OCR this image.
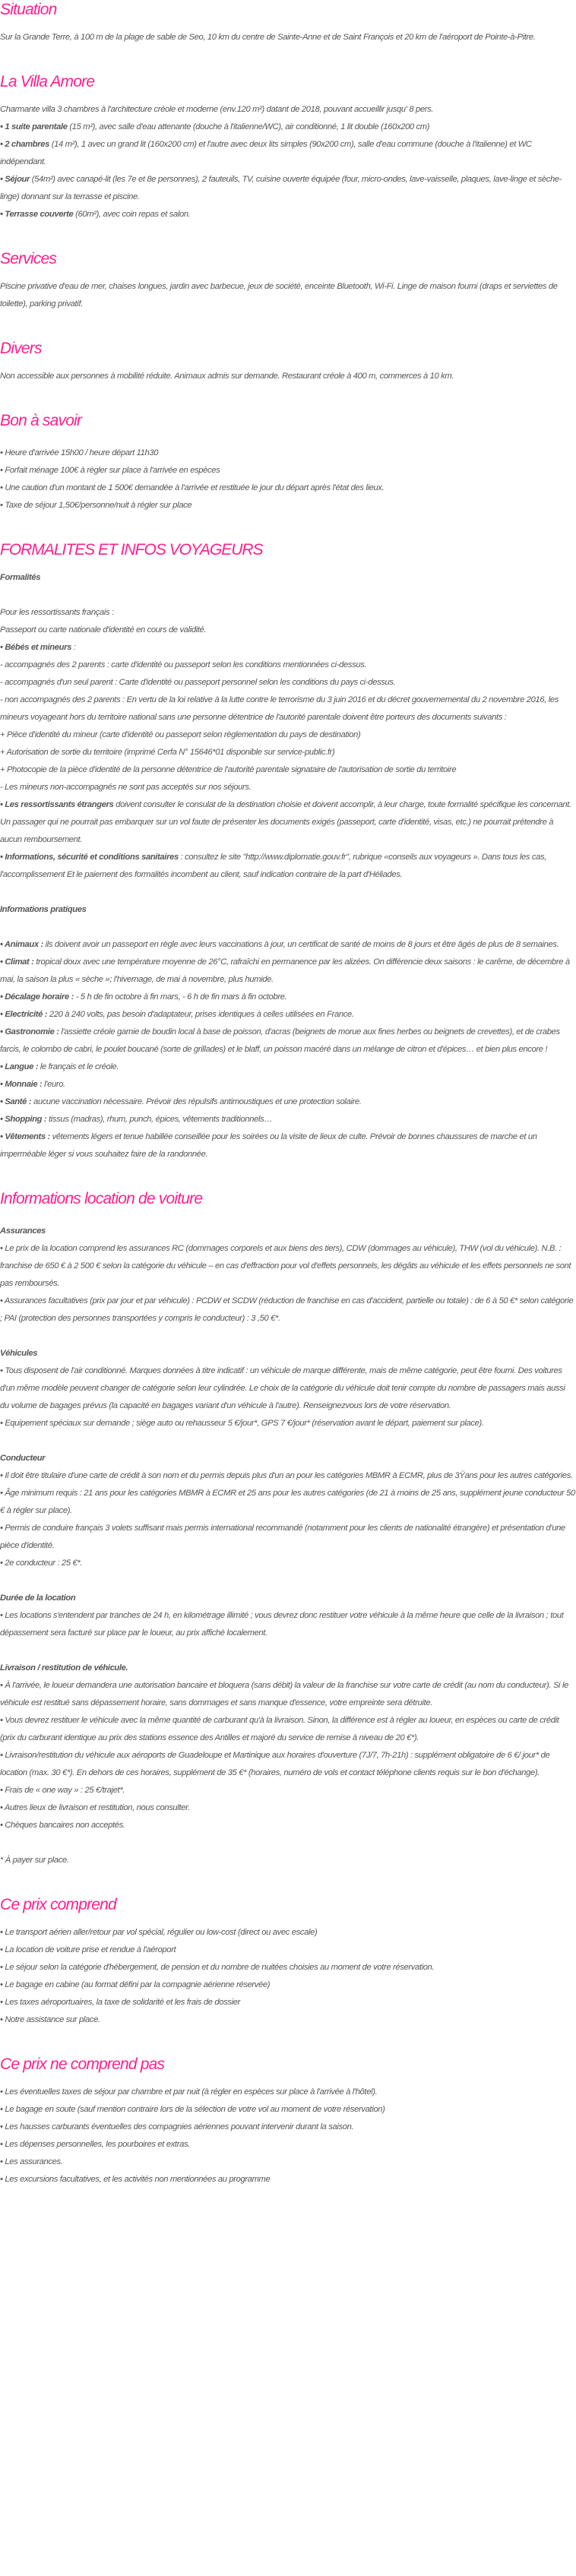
Situation

Sur la Grande Terre, à 100 m de la plage de sable de Seo, 10 km du centre de Sainte-Anne et de Saint François et 20 km de l'aéroport de Pointe-à-Pitre.

La Villa Amore

Charmante villa 3 chambres à l'architecture créole et moderne (env.120 m²) datant de 2018, pouvant accueillir jusqu' 8 pers.

• 1 suite parentale (15 m²), avec salle d'eau attenante (douche à l'italienne/WC), air conditionné, 1 lit double (160x200 cm)

• 2 chambres (14 m²), 1 avec un grand lit (160x200 cm) et l'autre avec deux lits simples (90x200 cm), salle d'eau commune (douche à l'italienne) et WC indépendant.

• Séjour (54m²) avec canapé-lit (les 7e et 8e personnes), 2 fauteuils, TV, cuisine ouverte équipée (four, micro-ondes, lave-vaisselle, plaques, lave-linge et sèche-linge) donnant sur la terrasse et piscine.

• Terrasse couverte (60m²), avec coin repas et salon.

Services

Piscine privative d'eau de mer, chaises longues, jardin avec barbecue, jeux de société, enceinte Bluetooth, Wi-Fi. Linge de maison fourni (draps et serviettes de toilette), parking privatif.

Divers

Non accessible aux personnes à mobilité réduite. Animaux admis sur demande. Restaurant créole à 400 m, commerces à 10 km.

Bon à savoir

• Heure d'arrivée 15h00 / heure départ 11h30

• Forfait ménage 100€ à régler sur place à l'arrivée en espèces

• Une caution d'un montant de 1 500€ demandée à l'arrivée et restituée le jour du départ après l'état des lieux.

• Taxe de séjour 1,50€/personne/nuit à régler sur place

FORMALITES ET INFOS VOYAGEURS

Formalités

Pour les ressortissants français :

Passeport ou carte nationale d'identité en cours de validité.

• Bébés et mineurs :

- accompagnés des 2 parents : carte d'identité ou passeport selon les conditions mentionnées ci-dessus.

- accompagnés d'un seul parent : Carte d'identité ou passeport personnel selon les conditions du pays ci-dessus.

- non accompagnés des 2 parents : En vertu de la loi relative à la lutte contre le terrorisme du 3 juin 2016 et du décret gouvernemental du 2 novembre 2016, les mineurs voyageant hors du territoire national sans une personne détentrice de l'autorité parentale doivent être porteurs des documents suivants :

+ Pièce d'identité du mineur (carte d'identité ou passeport selon règlementation du pays de destination)

+ Autorisation de sortie du territoire (imprimé Cerfa N° 15646*01 disponible sur service-public.fr)

+ Photocopie de la pièce d'identité de la personne détentrice de l'autorité parentale signataire de l'autorisation de sortie du territoire

- Les mineurs non-accompagnés ne sont pas acceptés sur nos séjours.

• Les ressortissants étrangers doivent consulter le consulat de la destination choisie et doivent accomplir, à leur charge, toute formalité spécifique les concernant. Un passager qui ne pourrait pas embarquer sur un vol faute de présenter les documents exigés (passeport, carte d'identité, visas, etc.) ne pourrait prétendre à aucun remboursement.

• Informations, sécurité et conditions sanitaires : consultez le site "http://www.diplomatie.gouv.fr", rubrique «conseils aux voyageurs ». Dans tous les cas, l'accomplissement Et le paiement des formalités incombent au client, sauf indication contraire de la part d'Héliades.

Informations pratiques

• Animaux : ils doivent avoir un passeport en règle avec leurs vaccinations à jour, un certificat de santé de moins de 8 jours et être âgés de plus de 8 semaines.

• Climat : tropical doux avec une température moyenne de 26°C, rafraîchi en permanence par les alizées. On différencie deux saisons : le carême, de décembre à mai, la saison la plus « sèche »; l'hivernage, de mai à novembre, plus humide.

• Décalage horaire : - 5 h de fin octobre à fin mars, - 6 h de fin mars à fin octobre.

• Electricité : 220 à 240 volts, pas besoin d'adaptateur, prises identiques à celles utilisées en France.

• Gastronomie : l'assiette créole garnie de boudin local à base de poisson, d'acras (beignets de morue aux fines herbes ou beignets de crevettes), et de crabes farcis, le colombo de cabri, le poulet boucané (sorte de grillades) et le blaff, un poisson macéré dans un mélange de citron et d'épices… et bien plus encore !

• Langue : le français et le créole.

• Monnaie : l'euro.

• Santé : aucune vaccination nécessaire. Prévoir des répulsifs antimoustiques et une protection solaire.

• Shopping : tissus (madras), rhum, punch, épices, vêtements traditionnels…

• Vêtements : vêtements légers et tenue habillée conseillée pour les soirées ou la visite de lieux de culte. Prévoir de bonnes chaussures de marche et un imperméable léger si vous souhaitez faire de la randonnée.

Informations location de voiture

Assurances

• Le prix de la location comprend les assurances RC (dommages corporels et aux biens des tiers), CDW (dommages au véhicule), THW (vol du véhicule). N.B. : franchise de 650 € à 2 500 € selon la catégorie du véhicule – en cas d'effraction pour vol d'effets personnels, les dégâts au véhicule et les effets personnels ne sont pas remboursés.

• Assurances facultatives (prix par jour et par véhicule) : PCDW et SCDW (réduction de franchise en cas d'accident, partielle ou totale) : de 6 à 50 €* selon catégorie ; PAI (protection des personnes transportées y compris le conducteur) : 3 ,50 €*.

Véhicules

• Tous disposent de l'air conditionné. Marques données à titre indicatif : un véhicule de marque différente, mais de même catégorie, peut être fourni. Des voitures d'un même modèle peuvent changer de catégorie selon leur cylindrée. Le choix de la catégorie du véhicule doit tenir compte du nombre de passagers mais aussi du volume de bagages prévus (la capacité en bagages variant d'un véhicule à l'autre). Renseignezvous lors de votre réservation.

• Equipement spéciaux sur demande ; siège auto ou rehausseur 5 €/jour*, GPS 7 €/jour* (réservation avant le départ, paiement sur place).

Conducteur

• Il doit être titulaire d'une carte de crédit à son nom et du permis depuis plus d'un an pour les catégories MBMR à ECMR, plus de 3Ÿans pour les autres catégories.

• Âge minimum requis : 21 ans pour les catégories MBMR à ECMR et 25 ans pour les autres catégories (de 21 à moins de 25 ans, supplément jeune conducteur 50 € à régler sur place).

• Permis de conduire français 3 volets suffisant mais permis international recommandé (notamment pour les clients de nationalité étrangère) et présentation d'une pièce d'identité.

• 2e conducteur : 25 €*.

Durée de la location

• Les locations s'entendent par tranches de 24 h, en kilométrage illimité ; vous devrez donc restituer votre véhicule à la même heure que celle de la livraison ; tout dépassement sera facturé sur place par le loueur, au prix affiché localement.

Livraison / restitution de véhicule.

• À l'arrivée, le loueur demandera une autorisation bancaire et bloquera (sans débit) la valeur de la franchise sur votre carte de crédit (au nom du conducteur). Si le véhicule est restitué sans dépassement horaire, sans dommages et sans manque d'essence, votre empreinte sera détruite.

• Vous devrez restituer le véhicule avec la même quantité de carburant qu'à la livraison. Sinon, la différence est à régler au loueur, en espèces ou carte de crédit (prix du carburant identique au prix des stations essence des Antilles et majoré du service de remise à niveau de 20 €*).

• Livraison/restitution du véhicule aux aéroports de Guadeloupe et Martinique aux horaires d'ouverture (7J/7, 7h-21h) : supplément obligatoire de 6 €/ jour* de location (max. 30 €*). En dehors de ces horaires, supplément de 35 €* (horaires, numéro de vols et contact téléphone clients requis sur le bon d'échange).

• Frais de « one way » : 25 €/trajet*.

• Autres lieux de livraison et restitution, nous consulter.

• Chèques bancaires non acceptés.

* À payer sur place.

Ce prix comprend

• Le transport aérien aller/retour par vol spécial, régulier ou low-cost (direct ou avec escale)

• La location de voiture prise et rendue à l'aéroport

• Le séjour selon la catégorie d'hébergement, de pension et du nombre de nuitées choisies au moment de votre réservation.

• Le bagage en cabine (au format défini par la compagnie aérienne réservée)

• Les taxes aéroportuaires, la taxe de solidarité et les frais de dossier

• Notre assistance sur place.

Ce prix ne comprend pas

• Les éventuelles taxes de séjour par chambre et par nuit (à régler en espèces sur place à l'arrivée à l'hôtel).

• Le bagage en soute (sauf mention contraire lors de la sélection de votre vol au moment de votre réservation)

• Les hausses carburants éventuelles des compagnies aériennes pouvant intervenir durant la saison.

• Les dépenses personnelles, les pourboires et extras.

• Les assurances.

• Les excursions facultatives, et les activités non mentionnées au programme
